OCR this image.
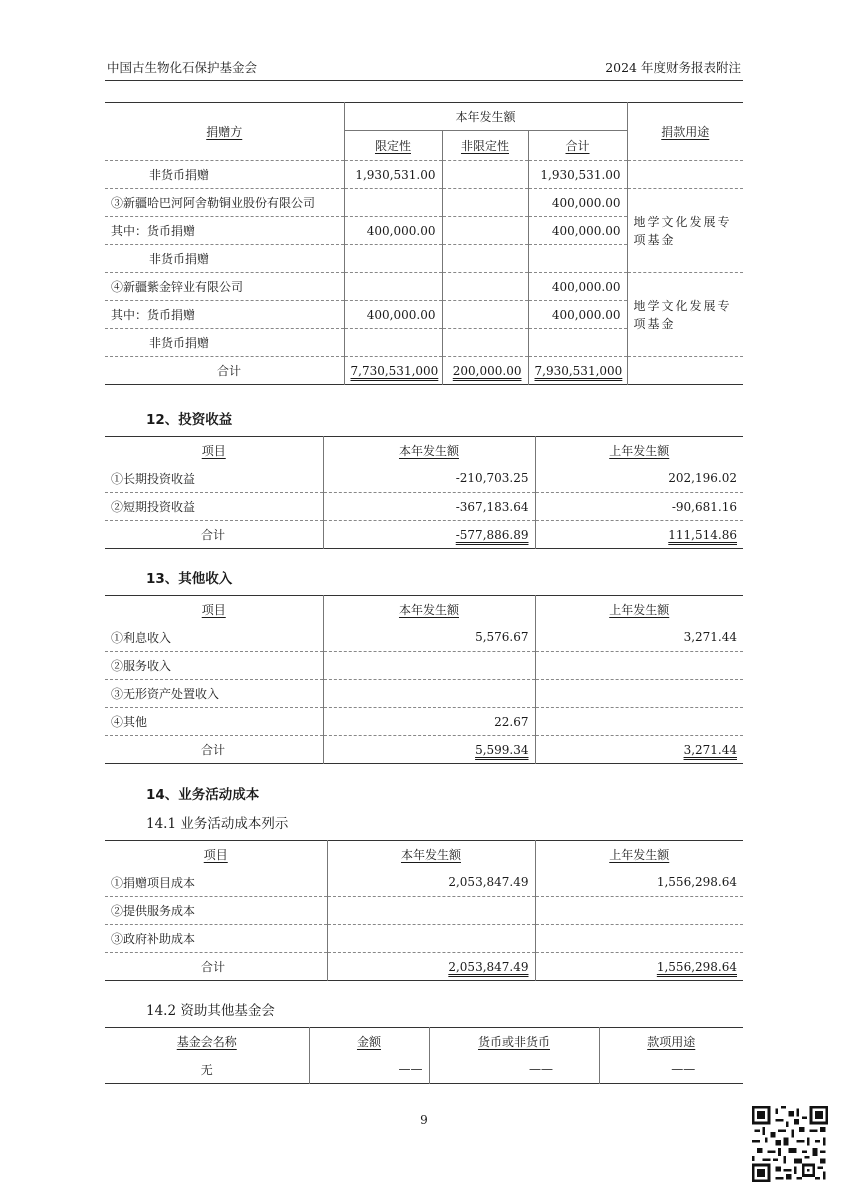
中国古生物化石保护基金会	2024 年度财务报表附注
捐赠方	本年发生额			捐款用途
	限定性	非限定性	合计	
非货币捐赠	1,930,531.00		1,930,531.00	
③新疆哈巴河阿舍勒铜业股份有限公司			400,000.00	地学文化发展专项基金
其中：货币捐赠	400,000.00		400,000.00	
非货币捐赠				
④新疆紫金锌业有限公司			400,000.00	地学文化发展专项基金
其中：货币捐赠	400,000.00		400,000.00	
非货币捐赠				
合计	7,730,531,000	200,000.00	7,930,531,000	
12、投资收益
项目	本年发生额	上年发生额
①长期投资收益	-210,703.25	202,196.02
②短期投资收益	-367,183.64	-90,681.16
合计	-577,886.89	111,514.86
13、其他收入
项目	本年发生额	上年发生额
①利息收入	5,576.67	3,271.44
②服务收入		
③无形资产处置收入		
④其他	22.67	
合计	5,599.34	3,271.44
14、业务活动成本
14.1 业务活动成本列示
项目	本年发生额	上年发生额
①捐赠项目成本	2,053,847.49	1,556,298.64
②提供服务成本		
③政府补助成本		
合计	2,053,847.49	1,556,298.64
14.2 资助其他基金会
基金会名称	金额	货币或非货币	款项用途
无	——	——	——
9
